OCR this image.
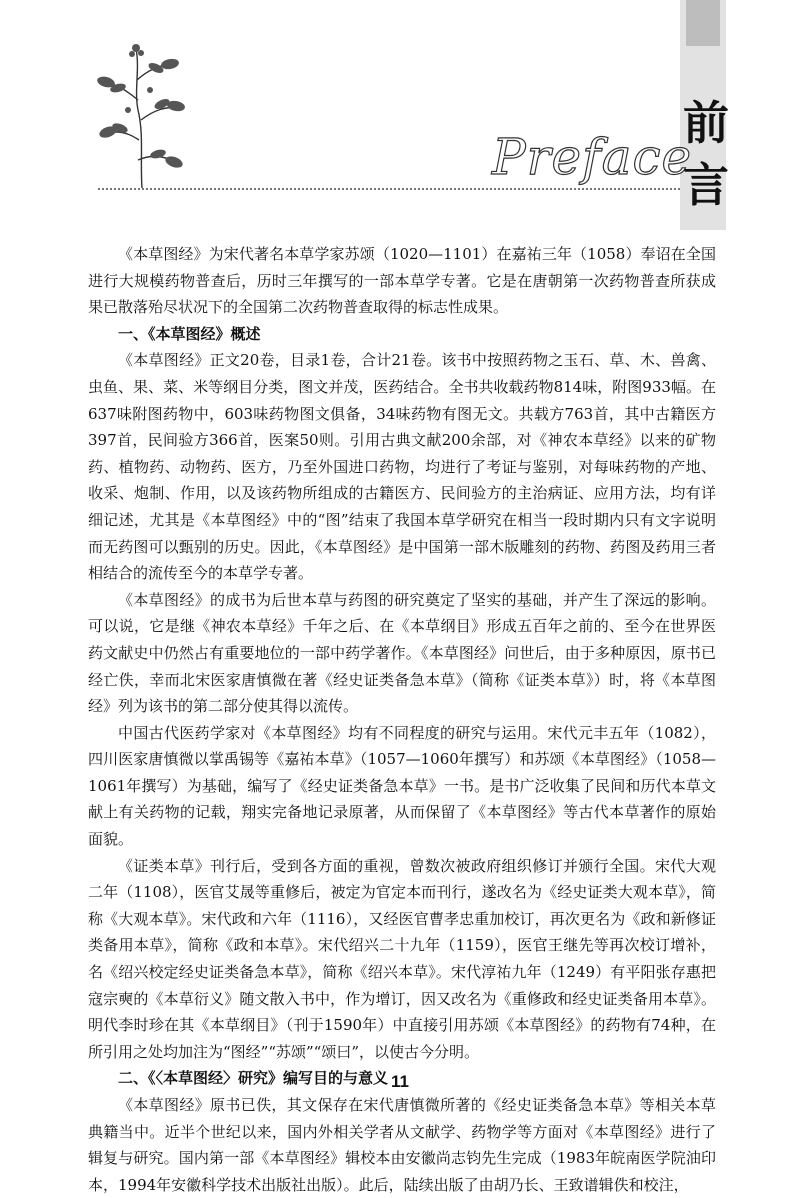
Preface
前
言

《本草图经》为宋代著名本草学家苏颂（1020—1101）在嘉祐三年（1058）奉诏在全国进行大规模药物普查后，历时三年撰写的一部本草学专著。它是在唐朝第一次药物普查所获成果已散落殆尽状况下的全国第二次药物普查取得的标志性成果。

一、《本草图经》概述

《本草图经》正文20卷，目录1卷，合计21卷。该书中按照药物之玉石、草、木、兽禽、虫鱼、果、菜、米等纲目分类，图文并茂，医药结合。全书共收载药物814味，附图933幅。在637味附图药物中，603味药物图文俱备，34味药物有图无文。共载方763首，其中古籍医方397首，民间验方366首，医案50则。引用古典文献200余部，对《神农本草经》以来的矿物药、植物药、动物药、医方，乃至外国进口药物，均进行了考证与鉴别，对每味药物的产地、收采、炮制、作用，以及该药物所组成的古籍医方、民间验方的主治病证、应用方法，均有详细记述，尤其是《本草图经》中的“图”结束了我国本草学研究在相当一段时期内只有文字说明而无药图可以甄别的历史。因此，《本草图经》是中国第一部木版雕刻的药物、药图及药用三者相结合的流传至今的本草学专著。

《本草图经》的成书为后世本草与药图的研究奠定了坚实的基础，并产生了深远的影响。可以说，它是继《神农本草经》千年之后、在《本草纲目》形成五百年之前的、至今在世界医药文献史中仍然占有重要地位的一部中药学著作。《本草图经》问世后，由于多种原因，原书已经亡佚，幸而北宋医家唐慎微在著《经史证类备急本草》（简称《证类本草》）时，将《本草图经》列为该书的第二部分使其得以流传。

中国古代医药学家对《本草图经》均有不同程度的研究与运用。宋代元丰五年（1082），四川医家唐慎微以掌禹锡等《嘉祐本草》（1057—1060年撰写）和苏颂《本草图经》（1058—1061年撰写）为基础，编写了《经史证类备急本草》一书。是书广泛收集了民间和历代本草文献上有关药物的记载，翔实完备地记录原著，从而保留了《本草图经》等古代本草著作的原始面貌。

《证类本草》刊行后，受到各方面的重视，曾数次被政府组织修订并颁行全国。宋代大观二年（1108），医官艾晟等重修后，被定为官定本而刊行，遂改名为《经史证类大观本草》，简称《大观本草》。宋代政和六年（1116），又经医官曹孝忠重加校订，再次更名为《政和新修证类备用本草》，简称《政和本草》。宋代绍兴二十九年（1159），医官王继先等再次校订增补，名《绍兴校定经史证类备急本草》，简称《绍兴本草》。宋代淳祐九年（1249）有平阳张存惠把寇宗奭的《本草衍义》随文散入书中，作为增订，因又改名为《重修政和经史证类备用本草》。明代李时珍在其《本草纲目》（刊于1590年）中直接引用苏颂《本草图经》的药物有74种，在所引用之处均加注为“图经”“苏颂”“颂曰”，以使古今分明。

二、《〈本草图经〉研究》编写目的与意义

《本草图经》原书已佚，其文保存在宋代唐慎微所著的《经史证类备急本草》等相关本草典籍当中。近半个世纪以来，国内外相关学者从文献学、药物学等方面对《本草图经》进行了辑复与研究。国内第一部《本草图经》辑校本由安徽尚志钧先生完成（1983年皖南医学院油印本，1994年安徽科学技术出版社出版）。此后，陆续出版了由胡乃长、王致谱辑佚和校注，

11
